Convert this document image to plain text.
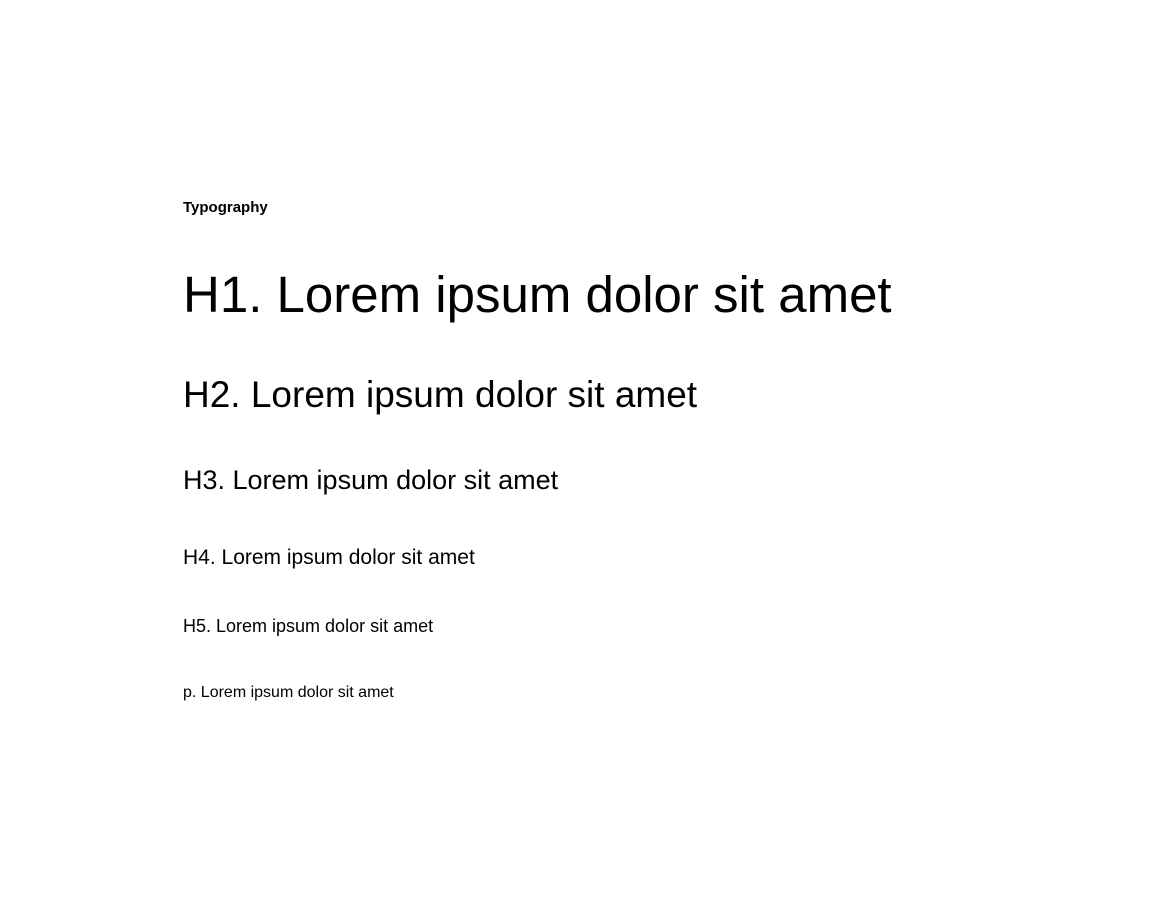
Typography
H1. Lorem ipsum dolor sit amet
H2. Lorem ipsum dolor sit amet
H3. Lorem ipsum dolor sit amet
H4. Lorem ipsum dolor sit amet
H5. Lorem ipsum dolor sit amet

p. Lorem ipsum dolor sit amet
